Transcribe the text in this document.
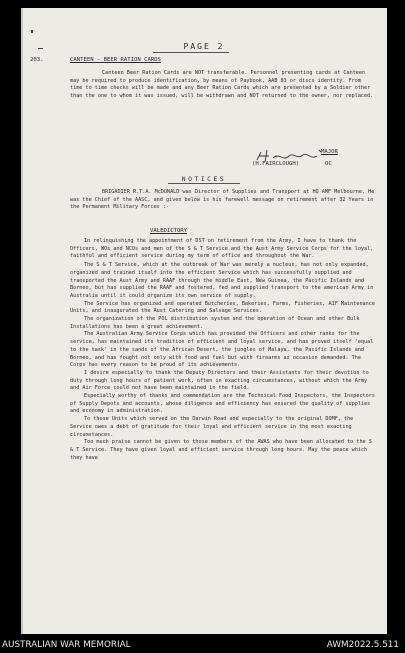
PAGE 2
203.	CANTEEN - BEER RATION CARDS
Canteen Beer Ration Cards are NOT transferable. Personnel presenting cards at Canteen may be required to produce identification, by means of Paybook, AAB 83 or discs identity. From time to time checks will be made and any Beer Ration Cards which are presented by a Soldier other than the one to whom it was issued, will be withdrawn and NOT returned to the owner, nor replaced.
MAJOR
(H.FAIRCLOUGH)	OC
NOTICES
BRIGADIER R.T.A. McDONALD was Director of Supplies and Transport at HQ AMF Melbourne. He was the Chief of the AASC, and given below is his farewell message on retirement after 32 Years in the Permanent Military Forces :-
VALEDICTORY
In relinquishing the appointment of DST on retirement from the Army, I have to thank the Officers, WOs and NCOs and men of the S & T Service and the Aust Army Service Corps for the loyal, faithful and efficient service during my term of office and throughout the War.
The S & T Service, which at the outbreak of War was merely a nucleus, has not only expanded, organized and trained itself into the efficient Service which has successfully supplied and transported the Aust Army and RAAF through the middle East, New Guinea, the Pacific Islands and Borneo, but has supplied the RAAF and fostered, fed and supplied transport to the american Army in Australia until it could organize its own service of supply.
The Service has organized and operated Butcheries, Bakeries, Farms, Fisheries, AIF Maintenance Units, and inaugurated the Aust Catering and Salvage Services.
The organization of the POL distribution system and the operation of Ocean and other Bulk Installations has been a great achievement.
The Australian Army Service Corps which has provided the Officers and other ranks for the service, has maintained its tradition of efficient and loyal service, and has proved itself 'equal to the task' in the sands of the African Desert, the jungles of Malaya, the Pacific Islands and Borneo, and has fought not only with food and fuel but with firearms as occasion demanded. The Corps has every reason to be proud of its achievements.
I desire especially to thank the Deputy Directors and their Assistants for their devotion to duty through long hours of patient work, often in exacting circumstances, without which the Army and Air Force could not have been maintained in the field.
Especially worthy of thanks and commendation are the Technical Food Inspectors, the Inspectors of Supply Depots and accounts, whose diligence and efficiency has ensured the quality of supplies and economy in administration.
To those Units which served on the Darwin Road and especially to the original DOMF, the Service owes a debt of gratitude for their loyal and efficient service in the most exacting circumstances.
Too much praise cannot be given to those members of the AWAS who have been allocated to the S & T Service. They have given loyal and efficient service through long hours. May the peace which they have
AUSTRALIAN WAR MEMORIAL	AWM2022.5.511
